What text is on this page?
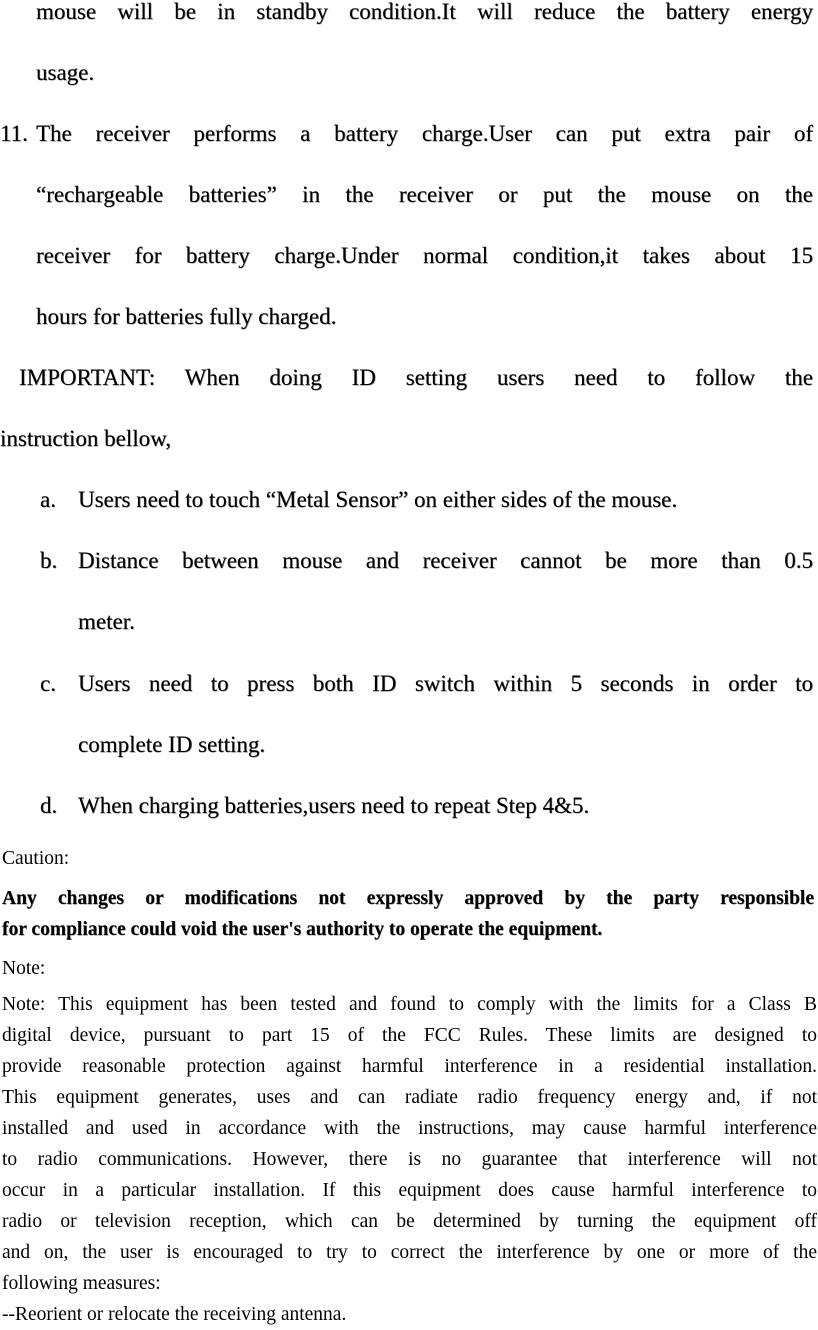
mouse will be in standby condition.It will reduce the battery energy
usage.
11. The receiver performs a battery charge.User can put extra pair of
“rechargeable batteries” in the receiver or put the mouse on the
receiver for battery charge.Under normal condition,it takes about 15
hours for batteries fully charged.
IMPORTANT: When doing ID setting users need to follow the
instruction bellow,
a. Users need to touch “Metal Sensor” on either sides of the mouse.
b. Distance between mouse and receiver cannot be more than 0.5
meter.
c. Users need to press both ID switch within 5 seconds in order to
complete ID setting.
d. When charging batteries,users need to repeat Step 4&5.
Caution:
Any changes or modifications not expressly approved by the party responsible
for compliance could void the user's authority to operate the equipment.
Note:
Note: This equipment has been tested and found to comply with the limits for a Class B
digital device, pursuant to part 15 of the FCC Rules. These limits are designed to
provide reasonable protection against harmful interference in a residential installation.
This equipment generates, uses and can radiate radio frequency energy and, if not
installed and used in accordance with the instructions, may cause harmful interference
to radio communications. However, there is no guarantee that interference will not
occur in a particular installation. If this equipment does cause harmful interference to
radio or television reception, which can be determined by turning the equipment off
and on, the user is encouraged to try to correct the interference by one or more of the
following measures:
--Reorient or relocate the receiving antenna.
